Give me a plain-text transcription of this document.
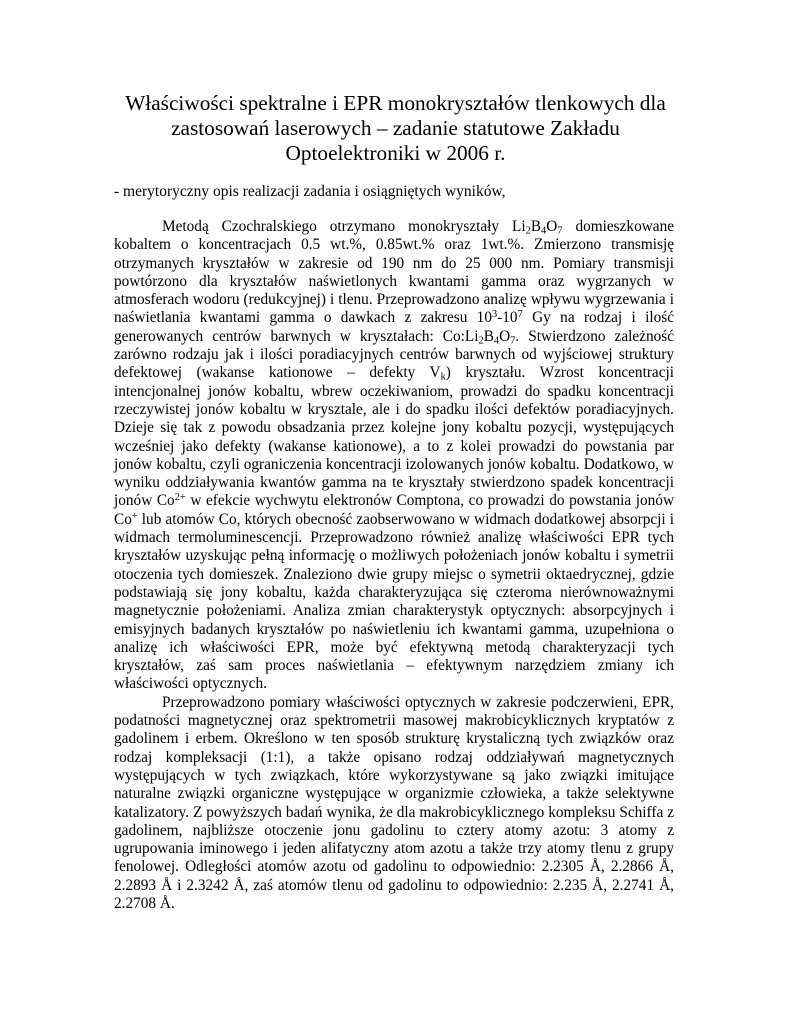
Właściwości spektralne i EPR monokryształów tlenkowych dla
zastosowań laserowych – zadanie statutowe Zakładu
Optoelektroniki w 2006 r.

- merytoryczny opis realizacji zadania i osiągniętych wyników,

Metodą Czochralskiego otrzymano monokryształy $Li_2B_4O_7$ domieszkowane kobaltem o koncentracjach 0.5 wt.%, 0.85wt.% oraz 1wt.%. Zmierzono transmisję otrzymanych kryształów w zakresie od 190 nm do 25 000 nm. Pomiary transmisji powtórzono dla kryształów naświetlonych kwantami gamma oraz wygrzanych w atmosferach wodoru (redukcyjnej) i tlenu. Przeprowadzono analizę wpływu wygrzewania i naświetlania kwantami gamma o dawkach z zakresu $10^3-10^7$ Gy na rodzaj i ilość generowanych centrów barwnych w kryształach: $Co:Li_2B_4O_7$. Stwierdzono zależność zarówno rodzaju jak i ilości poradiacyjnych centrów barwnych od wyjściowej struktury defektowej (wakanse kationowe – defekty $V_k$) kryształu. Wzrost koncentracji intencjonalnej jonów kobaltu, wbrew oczekiwaniom, prowadzi do spadku koncentracji rzeczywistej jonów kobaltu w krysztale, ale i do spadku ilości defektów poradiacyjnych. Dzieje się tak z powodu obsadzania przez kolejne jony kobaltu pozycji, występujących wcześniej jako defekty (wakanse kationowe), a to z kolei prowadzi do powstania par jonów kobaltu, czyli ograniczenia koncentracji izolowanych jonów kobaltu. Dodatkowo, w wyniku oddziaływania kwantów gamma na te kryształy stwierdzono spadek koncentracji jonów $Co^{2+}$ w efekcie wychwytu elektronów Comptona, co prowadzi do powstania jonów Co+ lub atomów Co, których obecność zaobserwowano w widmach dodatkowej absorpcji i widmach termoluminescencji. Przeprowadzono również analizę właściwości EPR tych kryształów uzyskując pełną informację o możliwych położeniach jonów kobaltu i symetrii otoczenia tych domieszek. Znaleziono dwie grupy miejsc o symetrii oktaedrycznej, gdzie podstawiają się jony kobaltu, każda charakteryzująca się czteroma nierównoważnymi magnetycznie położeniami. Analiza zmian charakterystyk optycznych: absorpcyjnych i emisyjnych badanych kryształów po naświetleniu ich kwantami gamma, uzupełniona o analizę ich właściwości EPR, może być efektywną metodą charakteryzacji tych kryształów, zaś sam proces naświetlania – efektywnym narzędziem zmiany ich właściwości optycznych.

Przeprowadzono pomiary właściwości optycznych w zakresie podczerwieni, EPR, podatności magnetycznej oraz spektrometrii masowej makrobicyklicznych kryptatów z gadolinem i erbem. Określono w ten sposób strukturę krystaliczną tych związków oraz rodzaj kompleksacji (1:1), a także opisano rodzaj oddziaływań magnetycznych występujących w tych związkach, które wykorzystywane są jako związki imitujące naturalne związki organiczne występujące w organizmie człowieka, a także selektywne katalizatory. Z powyższych badań wynika, że dla makrobicyklicznego kompleksu Schiffa z gadolinem, najbliższe otoczenie jonu gadolinu to cztery atomy azotu: 3 atomy z ugrupowania iminowego i jeden alifatyczny atom azotu a także trzy atomy tlenu z grupy fenolowej. Odległości atomów azotu od gadolinu to odpowiednio: 2.2305 Å, 2.2866 Å, 2.2893 Å i 2.3242 Å, zaś atomów tlenu od gadolinu to odpowiednio: 2.235 Å, 2.2741 Å, 2.2708 Å.
